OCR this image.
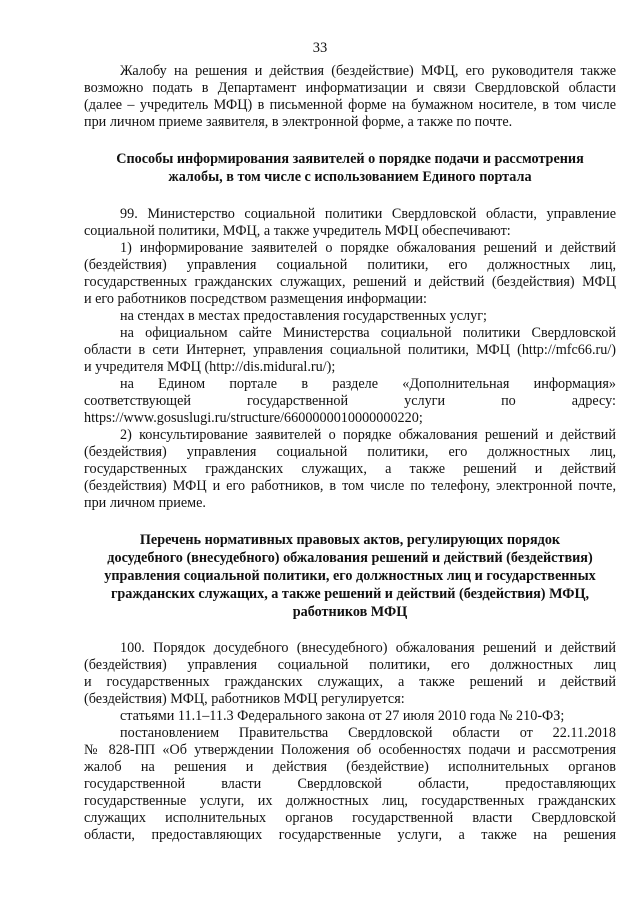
33
Жалобу на решения и действия (бездействие) МФЦ, его руководителя также
возможно подать в Департамент информатизации и связи Свердловской области
(далее – учредитель МФЦ) в письменной форме на бумажном носителе, в том числе
при личном приеме заявителя, в электронной форме, а также по почте.
Способы информирования заявителей о порядке подачи и рассмотрения
жалобы, в том числе с использованием Единого портала
99. Министерство социальной политики Свердловской области, управление
социальной политики, МФЦ, а также учредитель МФЦ обеспечивают:
1) информирование заявителей о порядке обжалования решений и действий
(бездействия) управления социальной политики, его должностных лиц,
государственных гражданских служащих, решений и действий (бездействия) МФЦ
и его работников посредством размещения информации:
на стендах в местах предоставления государственных услуг;
на официальном сайте Министерства социальной политики Свердловской
области в сети Интернет, управления социальной политики, МФЦ (http://mfc66.ru/)
и учредителя МФЦ (http://dis.midural.ru/);
на Едином портале в разделе «Дополнительная информация»
соответствующей государственной услуги по адресу:
https://www.gosuslugi.ru/structure/6600000010000000220;
2) консультирование заявителей о порядке обжалования решений и действий
(бездействия) управления социальной политики, его должностных лиц,
государственных гражданских служащих, а также решений и действий
(бездействия) МФЦ и его работников, в том числе по телефону, электронной почте,
при личном приеме.
Перечень нормативных правовых актов, регулирующих порядок
досудебного (внесудебного) обжалования решений и действий (бездействия)
управления социальной политики, его должностных лиц и государственных
гражданских служащих, а также решений и действий (бездействия) МФЦ,
работников МФЦ
100. Порядок досудебного (внесудебного) обжалования решений и действий
(бездействия) управления социальной политики, его должностных лиц
и государственных гражданских служащих, а также решений и действий
(бездействия) МФЦ, работников МФЦ регулируется:
статьями 11.1–11.3 Федерального закона от 27 июля 2010 года № 210-ФЗ;
постановлением Правительства Свердловской области от 22.11.2018
№ 828-ПП «Об утверждении Положения об особенностях подачи и рассмотрения
жалоб на решения и действия (бездействие) исполнительных органов
государственной власти Свердловской области, предоставляющих
государственные услуги, их должностных лиц, государственных гражданских
служащих исполнительных органов государственной власти Свердловской
области, предоставляющих государственные услуги, а также на решения
